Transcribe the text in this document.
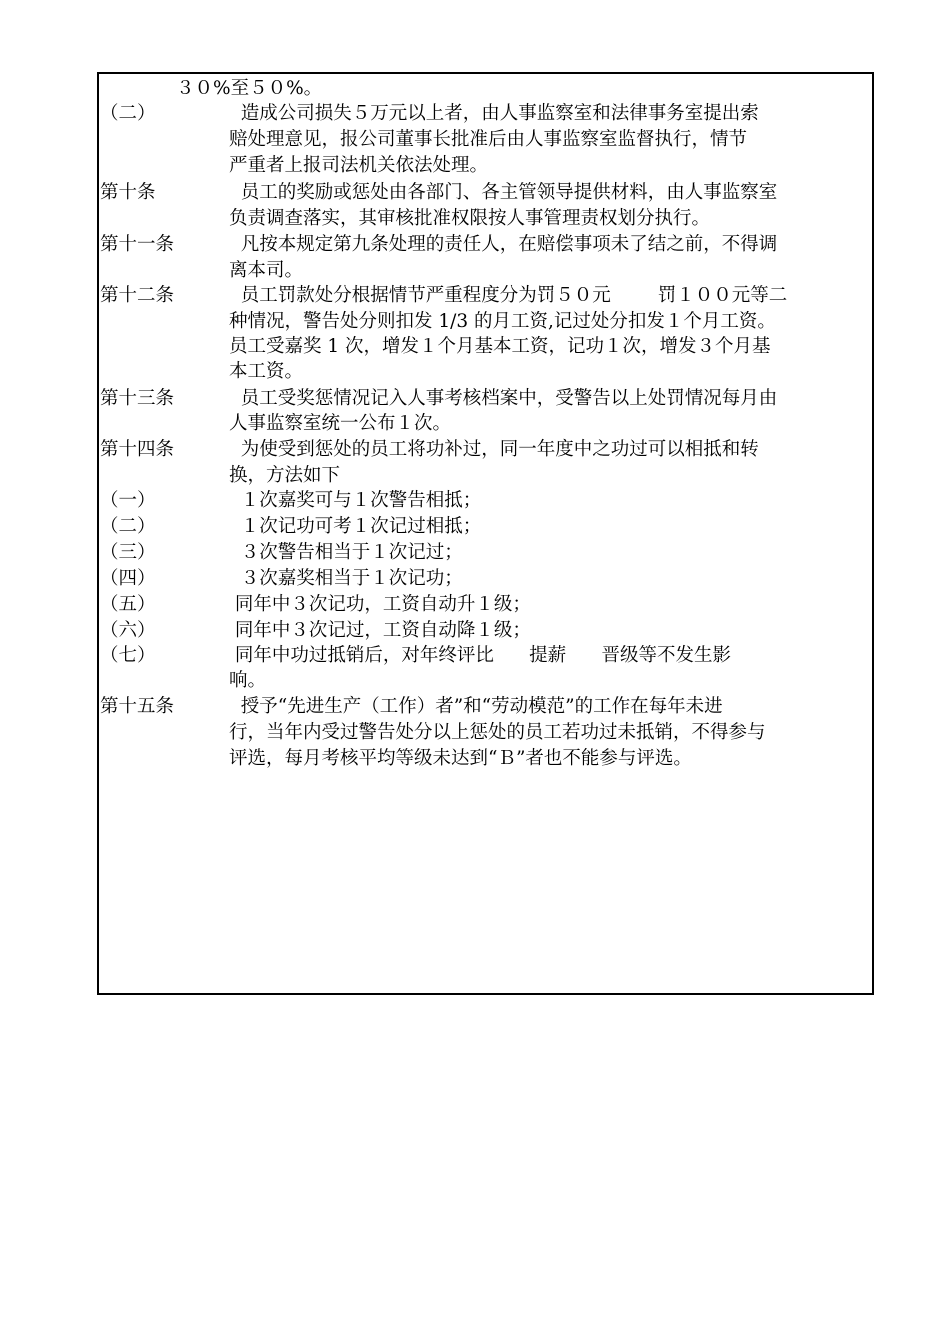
３０%至５０%。
（二）	造成公司损失５万元以上者，由人事监察室和法律事务室提出索
赔处理意见，报公司董事长批准后由人事监察室监督执行，情节
严重者上报司法机关依法处理。
第十条	员工的奖励或惩处由各部门、各主管领导提供材料，由人事监察室
负责调查落实，其审核批准权限按人事管理责权划分执行。
第十一条	凡按本规定第九条处理的责任人，在赔偿事项未了结之前，不得调
离本司。
第十二条	员工罚款处分根据情节严重程度分为罚５０元        罚１００元等二
种情况，警告处分则扣发 1/3 的月工资,记过处分扣发１个月工资。
员工受嘉奖 1 次，增发１个月基本工资，记功１次，增发３个月基
本工资。
第十三条	员工受奖惩情况记入人事考核档案中，受警告以上处罚情况每月由
人事监察室统一公布１次。
第十四条	为使受到惩处的员工将功补过，同一年度中之功过可以相抵和转
换，方法如下
（一）	１次嘉奖可与１次警告相抵；
（二）	１次记功可考１次记过相抵；
（三）	３次警告相当于１次记过；
（四）	３次嘉奖相当于１次记功；
（五）	同年中３次记功，工资自动升１级；
（六）	同年中３次记过，工资自动降１级；
（七）	同年中功过抵销后，对年终评比      提薪      晋级等不发生影
响。
第十五条	授予“先进生产（工作）者”和“劳动模范”的工作在每年未进
行，当年内受过警告处分以上惩处的员工若功过未抵销，不得参与
评选，每月考核平均等级未达到“Ｂ”者也不能参与评选。
